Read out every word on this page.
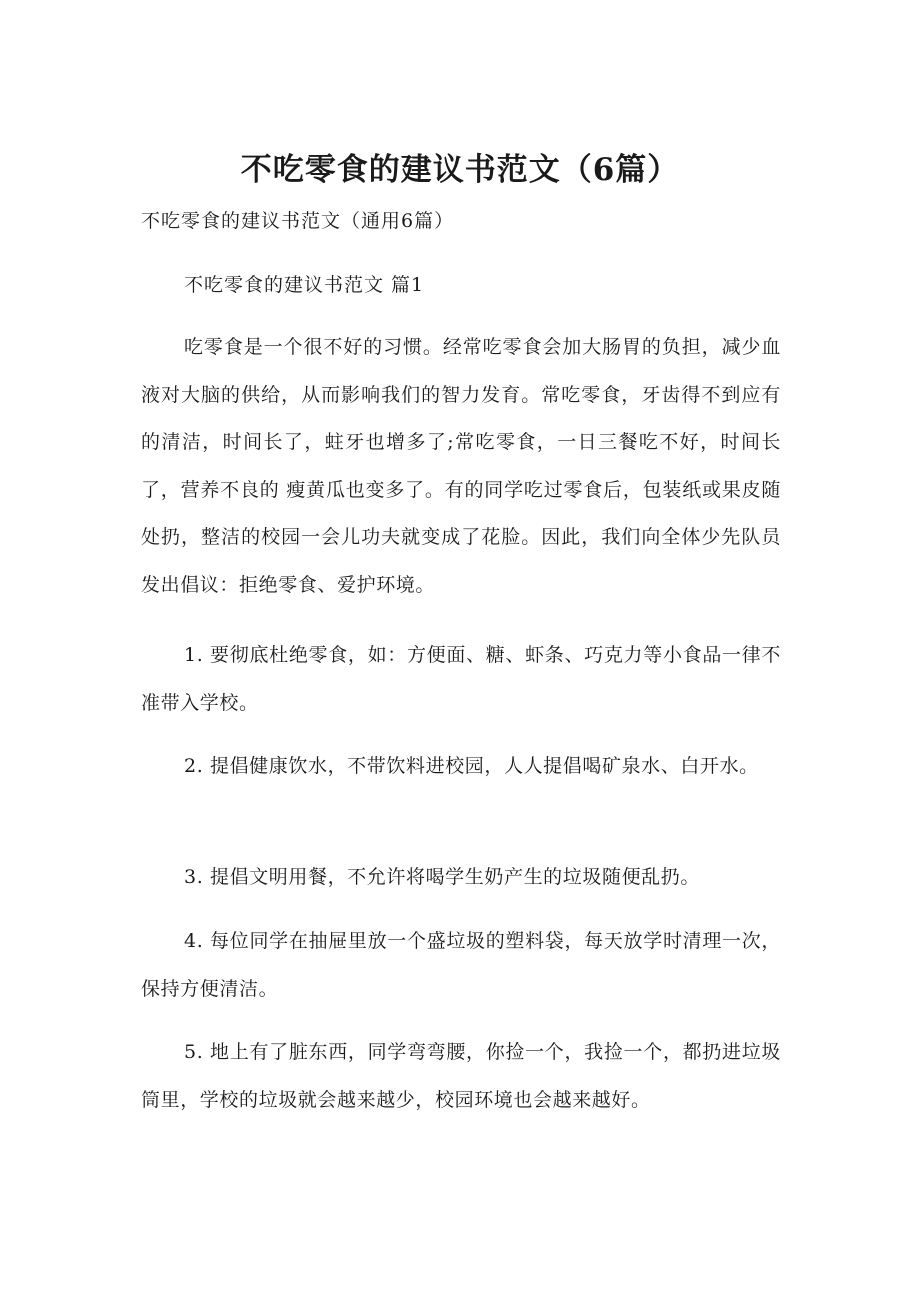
不吃零食的建议书范文（6篇）

不吃零食的建议书范文（通用6篇）

不吃零食的建议书范文 篇1

吃零食是一个很不好的习惯。经常吃零食会加大肠胃的负担，减少血液对大脑的供给，从而影响我们的智力发育。常吃零食，牙齿得不到应有的清洁，时间长了，蛀牙也增多了;常吃零食，一日三餐吃不好，时间长了，营养不良的 瘦黄瓜也变多了。有的同学吃过零食后，包装纸或果皮随处扔，整洁的校园一会儿功夫就变成了花脸。因此，我们向全体少先队员发出倡议：拒绝零食、爱护环境。

1. 要彻底杜绝零食，如：方便面、糖、虾条、巧克力等小食品一律不准带入学校。

2. 提倡健康饮水，不带饮料进校园，人人提倡喝矿泉水、白开水。

3. 提倡文明用餐，不允许将喝学生奶产生的垃圾随便乱扔。

4. 每位同学在抽屉里放一个盛垃圾的塑料袋，每天放学时清理一次，保持方便清洁。

5. 地上有了脏东西，同学弯弯腰，你捡一个，我捡一个，都扔进垃圾筒里，学校的垃圾就会越来越少，校园环境也会越来越好。
